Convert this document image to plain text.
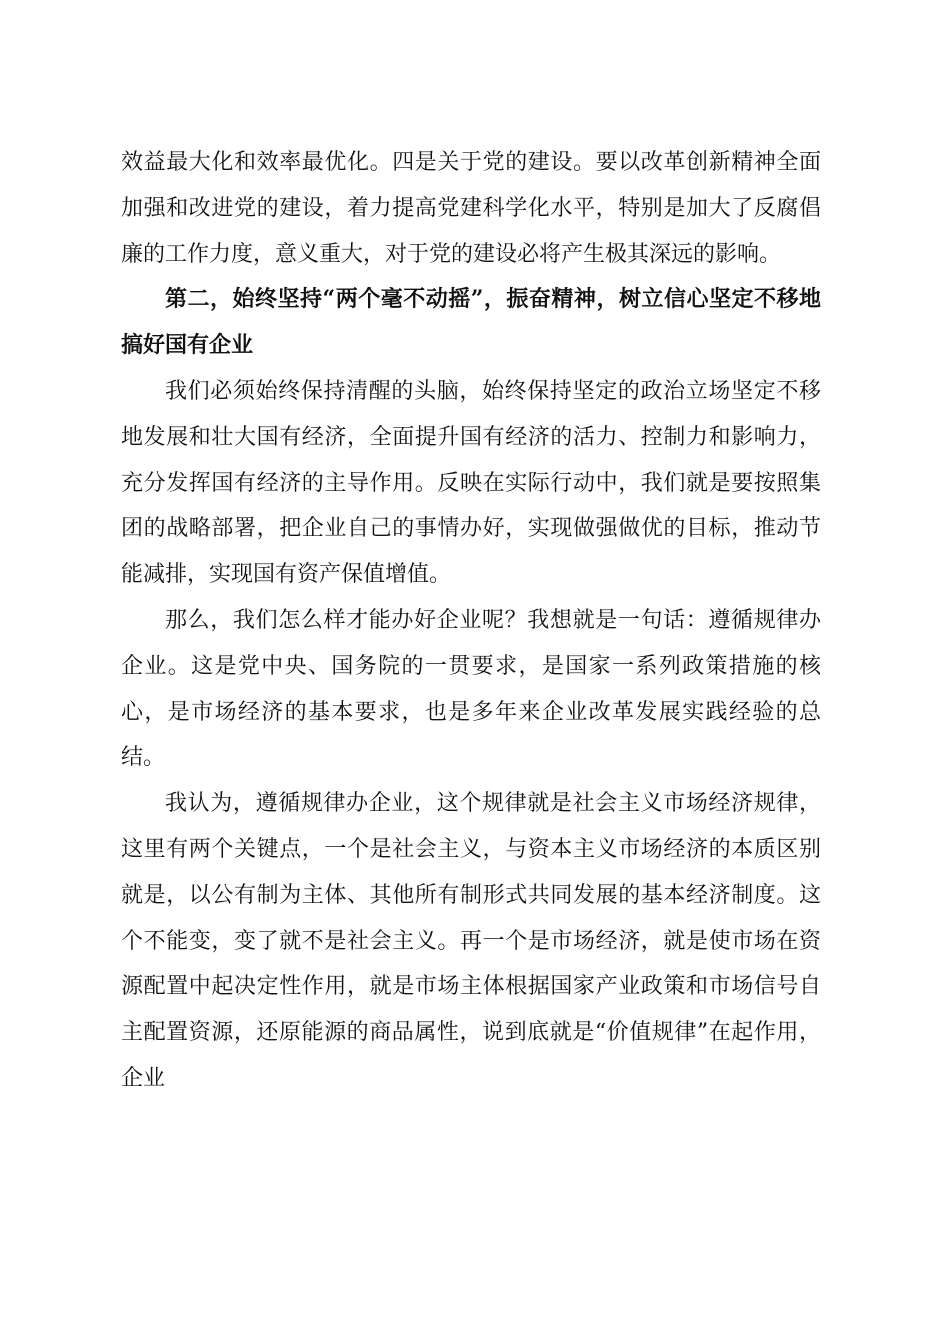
效益最大化和效率最优化。四是关于党的建设。要以改革创新精神全面加强和改进党的建设，着力提高党建科学化水平，特别是加大了反腐倡廉的工作力度，意义重大，对于党的建设必将产生极其深远的影响。

第二，始终坚持“两个毫不动摇”，振奋精神，树立信心坚定不移地搞好国有企业

我们必须始终保持清醒的头脑，始终保持坚定的政治立场坚定不移地发展和壮大国有经济，全面提升国有经济的活力、控制力和影响力，充分发挥国有经济的主导作用。反映在实际行动中，我们就是要按照集团的战略部署，把企业自己的事情办好，实现做强做优的目标，推动节能减排，实现国有资产保值增值。

那么，我们怎么样才能办好企业呢？我想就是一句话：遵循规律办企业。这是党中央、国务院的一贯要求，是国家一系列政策措施的核心，是市场经济的基本要求，也是多年来企业改革发展实践经验的总结。

我认为，遵循规律办企业，这个规律就是社会主义市场经济规律，这里有两个关键点，一个是社会主义，与资本主义市场经济的本质区别就是，以公有制为主体、其他所有制形式共同发展的基本经济制度。这个不能变，变了就不是社会主义。再一个是市场经济，就是使市场在资源配置中起决定性作用，就是市场主体根据国家产业政策和市场信号自主配置资源，还原能源的商品属性，说到底就是“价值规律”在起作用，企业
